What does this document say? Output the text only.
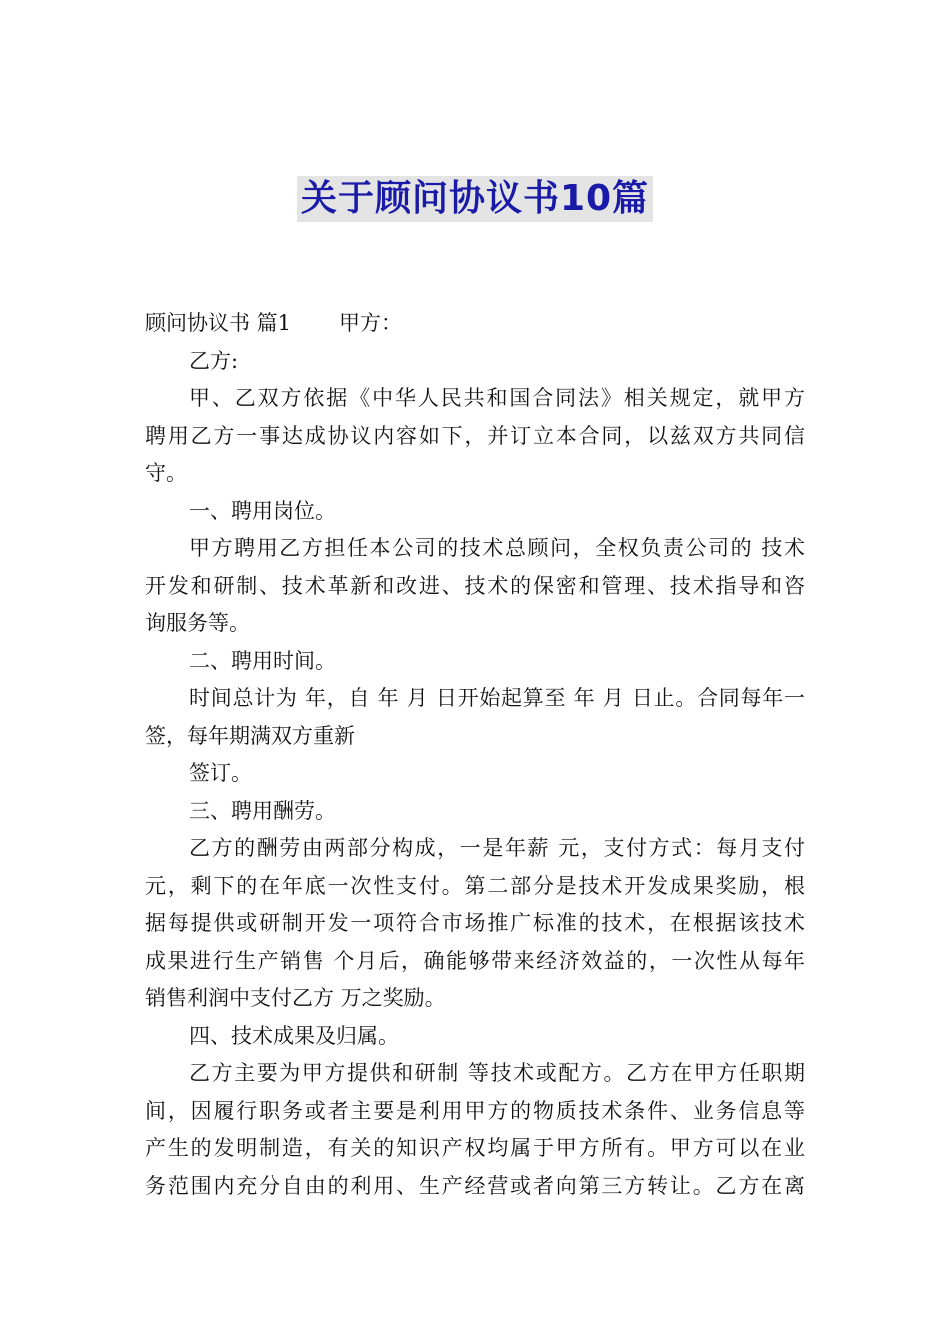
关于顾问协议书10篇
顾问协议书 篇1 甲方：
乙方:
甲、乙双方依据《中华人民共和国合同法》相关规定，就甲方
聘用乙方一事达成协议内容如下，并订立本合同，以兹双方共同信
守。
一、聘用岗位。
甲方聘用乙方担任本公司的技术总顾问，全权负责公司的 技术
开发和研制、技术革新和改进、技术的保密和管理、技术指导和咨
询服务等。
二、聘用时间。
时间总计为 年，自 年 月 日开始起算至 年 月 日止。合同每年一
签，每年期满双方重新
签订。
三、聘用酬劳。
乙方的酬劳由两部分构成，一是年薪 元，支付方式：每月支付
元，剩下的在年底一次性支付。第二部分是技术开发成果奖励，根
据每提供或研制开发一项符合市场推广标准的技术，在根据该技术
成果进行生产销售 个月后，确能够带来经济效益的，一次性从每年
销售利润中支付乙方 万之奖励。
四、技术成果及归属。
乙方主要为甲方提供和研制 等技术或配方。乙方在甲方任职期
间，因履行职务或者主要是利用甲方的物质技术条件、业务信息等
产生的发明制造，有关的知识产权均属于甲方所有。甲方可以在业
务范围内充分自由的利用、生产经营或者向第三方转让。乙方在离
